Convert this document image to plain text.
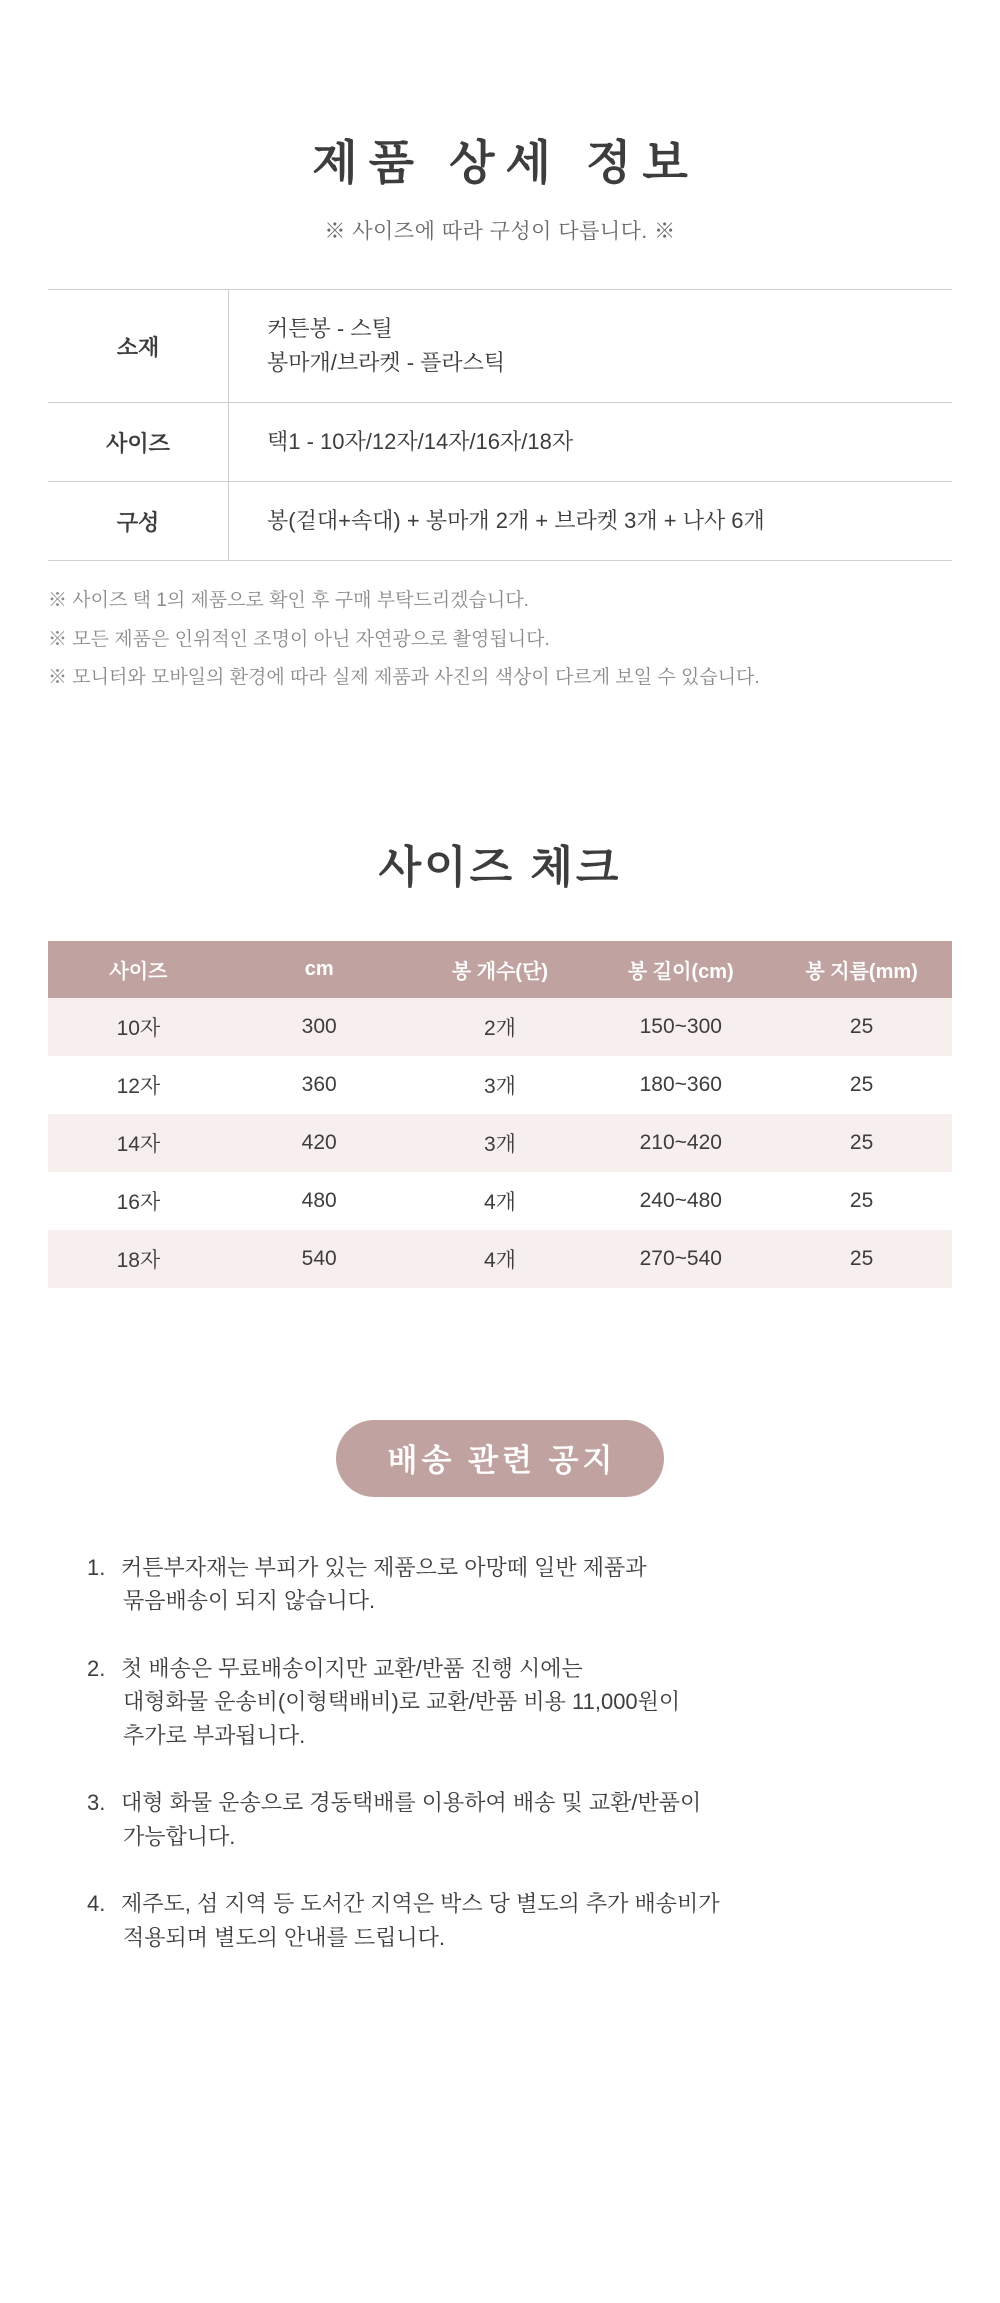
제품 상세 정보

※ 사이즈에 따라 구성이 다릅니다. ※

소재	커튼봉 - 스틸
봉마개/브라켓 - 플라스틱
사이즈	택1 - 10자/12자/14자/16자/18자
구성	봉(겉대+속대) + 봉마개 2개 + 브라켓 3개 + 나사 6개

※ 사이즈 택 1의 제품으로 확인 후 구매 부탁드리겠습니다.

※ 모든 제품은 인위적인 조명이 아닌 자연광으로 촬영됩니다.

※ 모니터와 모바일의 환경에 따라 실제 제품과 사진의 색상이 다르게 보일 수 있습니다.

사이즈 체크
사이즈	cm	봉 개수(단)	봉 길이(cm)	봉 지름(mm)
10자	300	2개	150~300	25
12자	360	3개	180~360	25
14자	420	3개	210~420	25
16자	480	4개	240~480	25
18자	540	4개	270~540	25
배송 관련 공지
커튼부자재는 부피가 있는 제품으로 아망떼 일반 제품과
묶음배송이 되지 않습니다.
첫 배송은 무료배송이지만 교환/반품 진행 시에는
대형화물 운송비(이형택배비)로 교환/반품 비용 11,000원이
추가로 부과됩니다.
대형 화물 운송으로 경동택배를 이용하여 배송 및 교환/반품이
가능합니다.
제주도, 섬 지역 등 도서간 지역은 박스 당 별도의 추가 배송비가
적용되며 별도의 안내를 드립니다.
